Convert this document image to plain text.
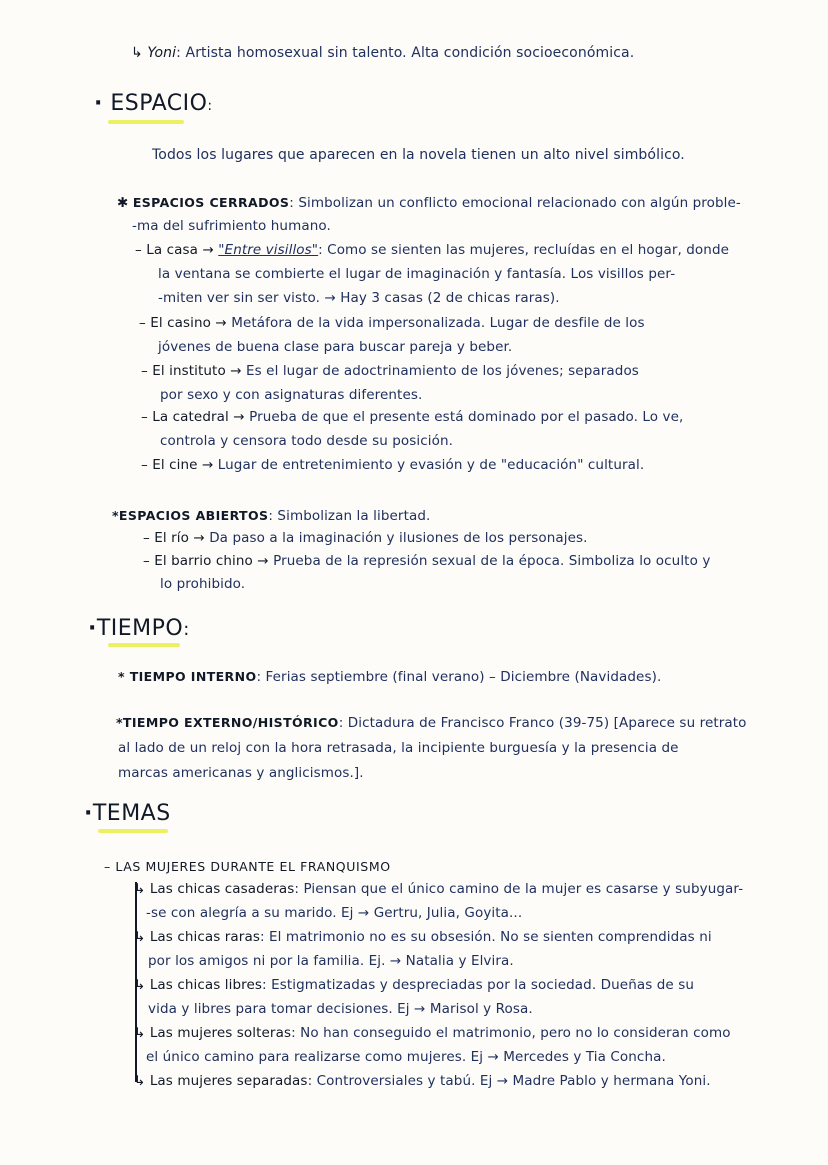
↳ Yoni: Artista homosexual sin talento. Alta condición socioeconómica.
· ESPACIO:
Todos los lugares que aparecen en la novela tienen un alto nivel simbólico.
✱ ESPACIOS CERRADOS: Simbolizan un conflicto emocional relacionado con algún proble-
-ma del sufrimiento humano.
– La casa → "Entre visillos": Como se sienten las mujeres, recluídas en el hogar, donde
la ventana se combierte el lugar de imaginación y fantasía. Los visillos per-
-miten ver sin ser visto. → Hay 3 casas (2 de chicas raras).
– El casino → Metáfora de la vida impersonalizada. Lugar de desfile de los
jóvenes de buena clase para buscar pareja y beber.
– El instituto → Es el lugar de adoctrinamiento de los jóvenes; separados
por sexo y con asignaturas diferentes.
– La catedral → Prueba de que el presente está dominado por el pasado. Lo ve,
controla y censora todo desde su posición.
– El cine → Lugar de entretenimiento y evasión y de "educación" cultural.
*ESPACIOS ABIERTOS: Simbolizan la libertad.
– El río → Da paso a la imaginación y ilusiones de los personajes.
– El barrio chino → Prueba de la represión sexual de la época. Simboliza lo oculto y
lo prohibido.
·TIEMPO:
* TIEMPO INTERNO: Ferias septiembre (final verano) – Diciembre (Navidades).
*TIEMPO EXTERNO/HISTÓRICO: Dictadura de Francisco Franco (39-75) [Aparece su retrato
al lado de un reloj con la hora retrasada, la incipiente burguesía y la presencia de
marcas americanas y anglicismos.].
·TEMAS
– LAS MUJERES DURANTE EL FRANQUISMO
↳ Las chicas casaderas: Piensan que el único camino de la mujer es casarse y subyugar-
-se con alegría a su marido. Ej → Gertru, Julia, Goyita...
↳ Las chicas raras: El matrimonio no es su obsesión. No se sienten comprendidas ni
por los amigos ni por la familia. Ej. → Natalia y Elvira.
↳ Las chicas libres: Estigmatizadas y despreciadas por la sociedad. Dueñas de su
vida y libres para tomar decisiones. Ej → Marisol y Rosa.
↳ Las mujeres solteras: No han conseguido el matrimonio, pero no lo consideran como
el único camino para realizarse como mujeres. Ej → Mercedes y Tia Concha.
↳ Las mujeres separadas: Controversiales y tabú. Ej → Madre Pablo y hermana Yoni.
